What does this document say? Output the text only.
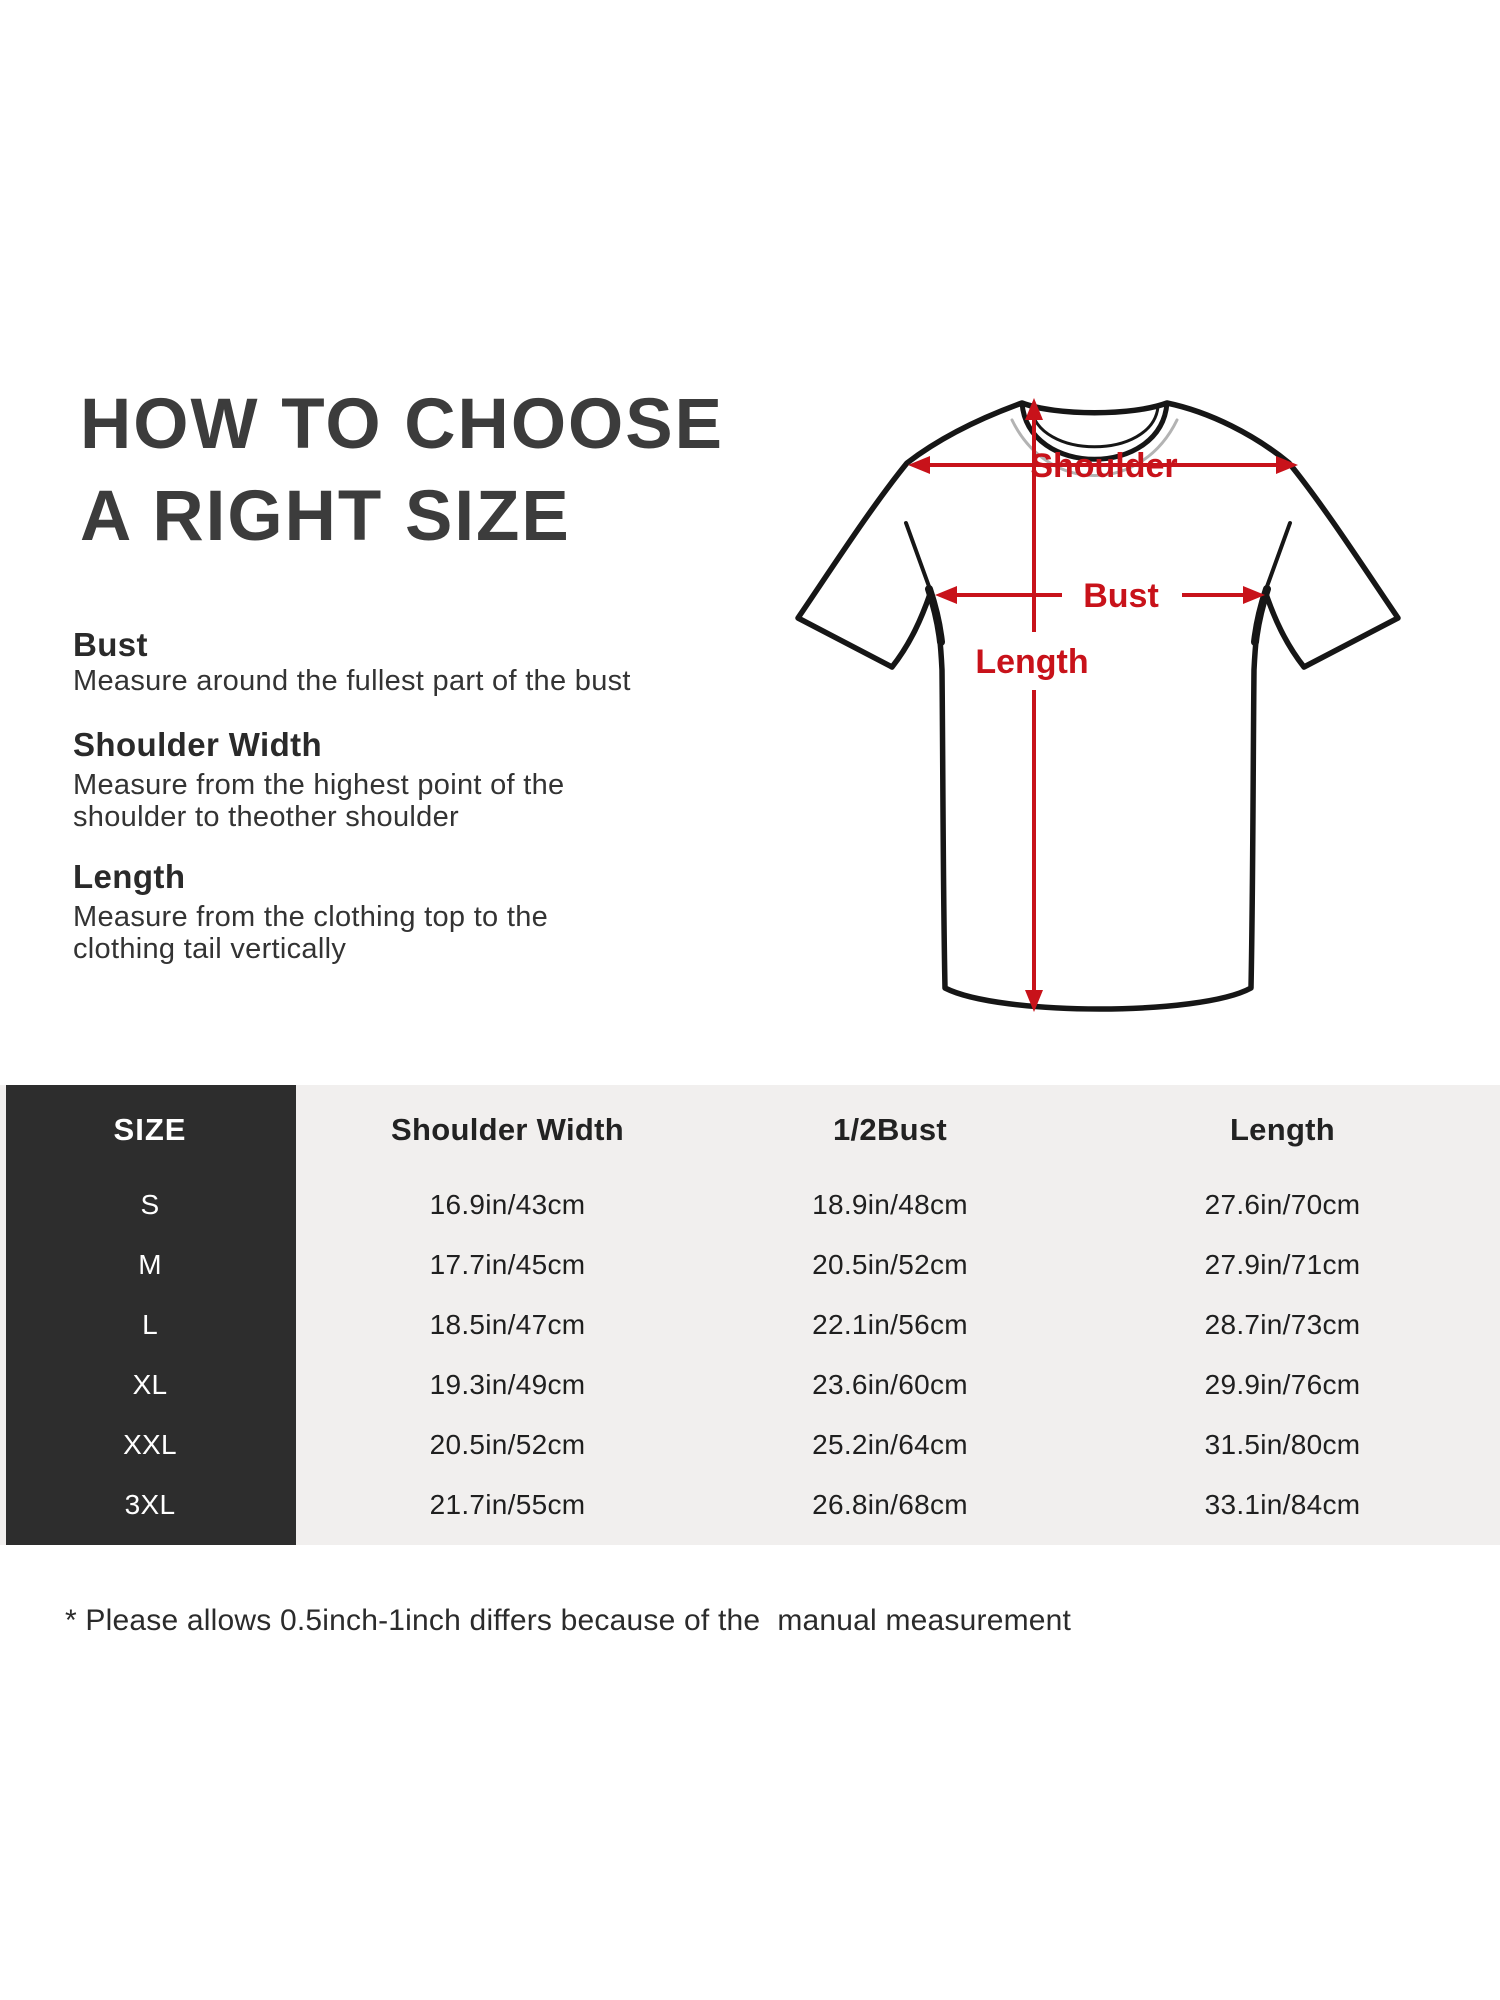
HOW TO CHOOSE
A RIGHT SIZE
Bust
Measure around the fullest part of the bust
Shoulder Width
Measure from the highest point of the shoulder to theother shoulder
Length
Measure from the clothing top to the clothing tail vertically
Shoulder
Bust
Length
SIZE	Shoulder Width	1/2Bust	Length
S	16.9in/43cm	18.9in/48cm	27.6in/70cm
M	17.7in/45cm	20.5in/52cm	27.9in/71cm
L	18.5in/47cm	22.1in/56cm	28.7in/73cm
XL	19.3in/49cm	23.6in/60cm	29.9in/76cm
XXL	20.5in/52cm	25.2in/64cm	31.5in/80cm
3XL	21.7in/55cm	26.8in/68cm	33.1in/84cm
* Please allows 0.5inch-1inch differs because of the  manual measurement
